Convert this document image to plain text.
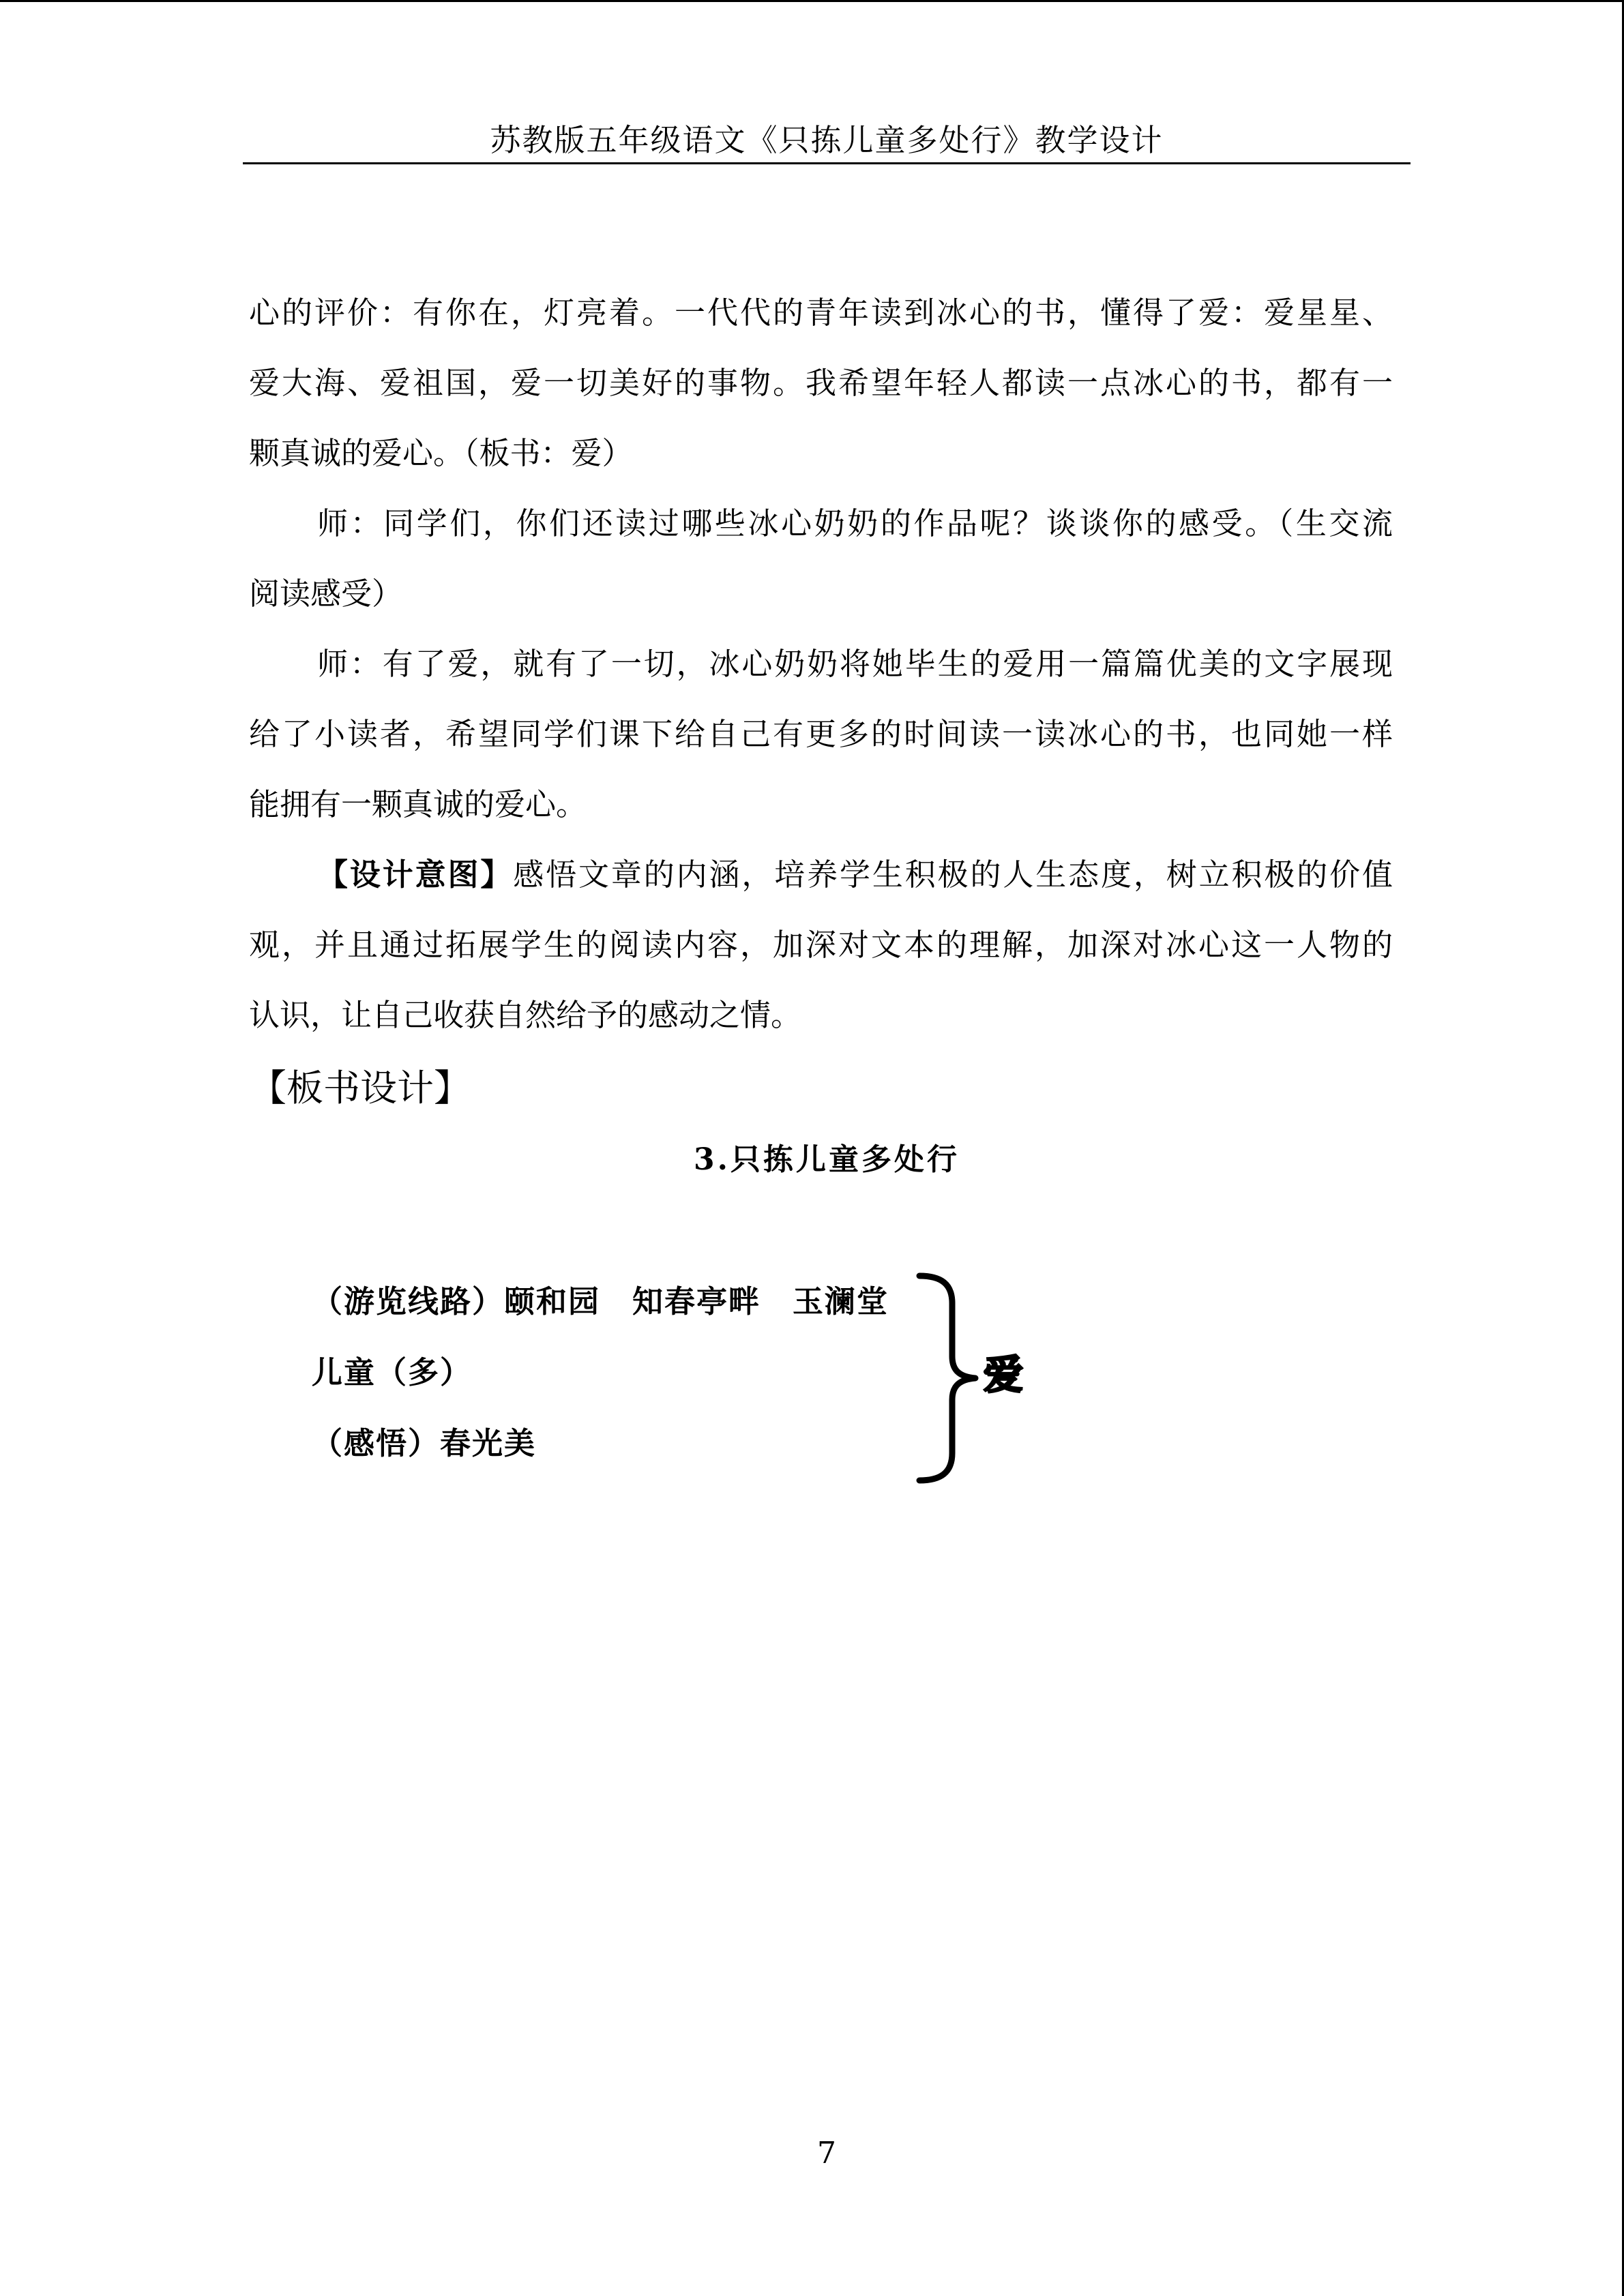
苏教版五年级语文《只拣儿童多处行》教学设计
心的评价：有你在，灯亮着。一代代的青年读到冰心的书，懂得了爱：爱星星、
爱大海、爱祖国，爱一切美好的事物。我希望年轻人都读一点冰心的书，都有一
颗真诚的爱心。（板书：爱）
师：同学们，你们还读过哪些冰心奶奶的作品呢？谈谈你的感受。（生交流
阅读感受）
师：有了爱，就有了一切，冰心奶奶将她毕生的爱用一篇篇优美的文字展现
给了小读者，希望同学们课下给自己有更多的时间读一读冰心的书，也同她一样
能拥有一颗真诚的爱心。
【设计意图】感悟文章的内涵，培养学生积极的人生态度，树立积极的价值
观，并且通过拓展学生的阅读内容，加深对文本的理解，加深对冰心这一人物的
认识，让自己收获自然给予的感动之情。
【板书设计】
3.只拣儿童多处行
（游览线路）颐和园　知春亭畔　玉澜堂
儿童（多）
（感悟）春光美
爱
7
